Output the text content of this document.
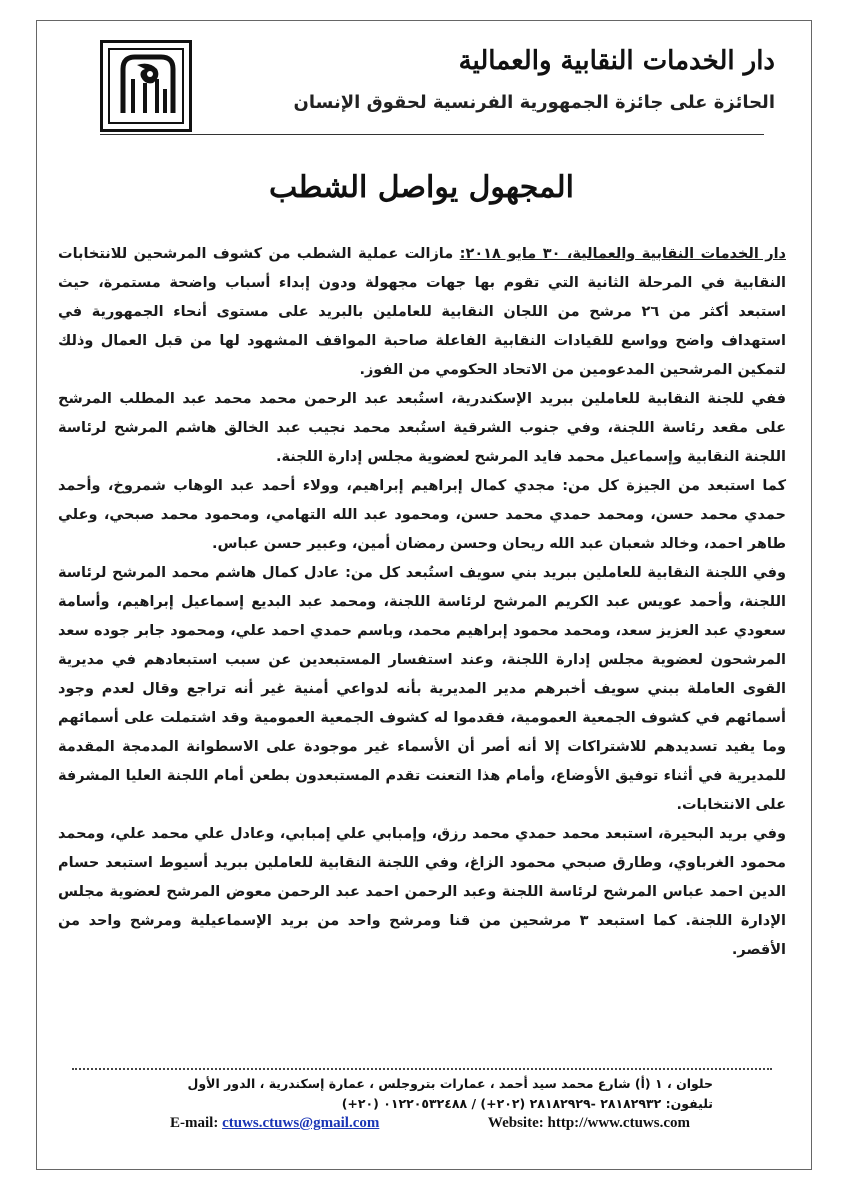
دار الخدمات النقابية والعمالية
الحائزة على جائزة الجمهورية الفرنسية لحقوق الإنسان
المجهول يواصل الشطب

دار الخدمات النقابية والعمالية، ٣٠ مايو ٢٠١٨: مازالت عملية الشطب من كشوف المرشحين للانتخابات النقابية في المرحلة الثانية التي تقوم بها جهات مجهولة ودون إبداء أسباب واضحة مستمرة، حيث استبعد أكثر من ٢٦ مرشح من اللجان النقابية للعاملين بالبريد على مستوى أنحاء الجمهورية في استهداف واضح وواسع للقيادات النقابية الفاعلة صاحبة المواقف المشهود لها من قبل العمال وذلك لتمكين المرشحين المدعومين من الاتحاد الحكومي من الفوز.

ففي للجنة النقابية للعاملين ببريد الإسكندرية، استُبعد عبد الرحمن محمد محمد عبد المطلب المرشح على مقعد رئاسة اللجنة، وفي جنوب الشرقية استُبعد محمد نجيب عبد الخالق هاشم المرشح لرئاسة اللجنة النقابية وإسماعيل محمد فايد المرشح لعضوية مجلس إدارة اللجنة.

كما استبعد من الجيزة كل من: مجدي كمال إبراهيم إبراهيم، وولاء أحمد عبد الوهاب شمروخ، وأحمد حمدي محمد حسن، ومحمد حمدي محمد حسن، ومحمود عبد الله التهامي، ومحمود محمد صبحي، وعلي طاهر احمد، وخالد شعبان عبد الله ريحان وحسن رمضان أمين، وعبير حسن عباس.

وفي اللجنة النقابية للعاملين ببريد بني سويف استُبعد كل من: عادل كمال هاشم محمد المرشح لرئاسة اللجنة، وأحمد عويس عبد الكريم المرشح لرئاسة اللجنة، ومحمد عبد البديع إسماعيل إبراهيم، وأسامة سعودي عبد العزيز سعد، ومحمد محمود إبراهيم محمد، وباسم حمدي احمد علي، ومحمود جابر جوده سعد المرشحون لعضوية مجلس إدارة اللجنة، وعند استفسار المستبعدين عن سبب استبعادهم في مديرية القوى العاملة ببني سويف أخبرهم مدير المديرية بأنه لدواعي أمنية غير أنه تراجع وقال لعدم وجود أسمائهم في كشوف الجمعية العمومية، فقدموا له كشوف الجمعية العمومية وقد اشتملت على أسمائهم وما يفيد تسديدهم للاشتراكات إلا أنه أصر أن الأسماء غير موجودة على الاسطوانة المدمجة المقدمة للمديرية في أثناء توفيق الأوضاع، وأمام هذا التعنت تقدم المستبعدون بطعن أمام اللجنة العليا المشرفة على الانتخابات.

وفي بريد البحيرة، استبعد محمد حمدي محمد رزق، وإمبابي علي إمبابي، وعادل علي محمد علي، ومحمد محمود الغرباوي، وطارق صبحي محمود الزاغ، وفي اللجنة النقابية للعاملين ببريد أسيوط استبعد حسام الدين احمد عباس المرشح لرئاسة اللجنة وعبد الرحمن احمد عبد الرحمن معوض المرشح لعضوية مجلس الإدارة اللجنة. كما استبعد ٣ مرشحين من قنا ومرشح واحد من بريد الإسماعيلية ومرشح واحد من الأقصر.

حلوان ، ١ (أ) شارع محمد سيد أحمد ، عمارات بتروجلس ، عمارة إسكندرية ، الدور الأول

تليفون: ٢٨١٨٢٩٣٢ -٢٨١٨٢٩٢٩ (٢٠٢+) / ٠١٢٢٠٥٣٢٤٨٨ (٢٠+)

E-mail: ctuws.ctuws@gmail.com	Website: http://www.ctuws.com
